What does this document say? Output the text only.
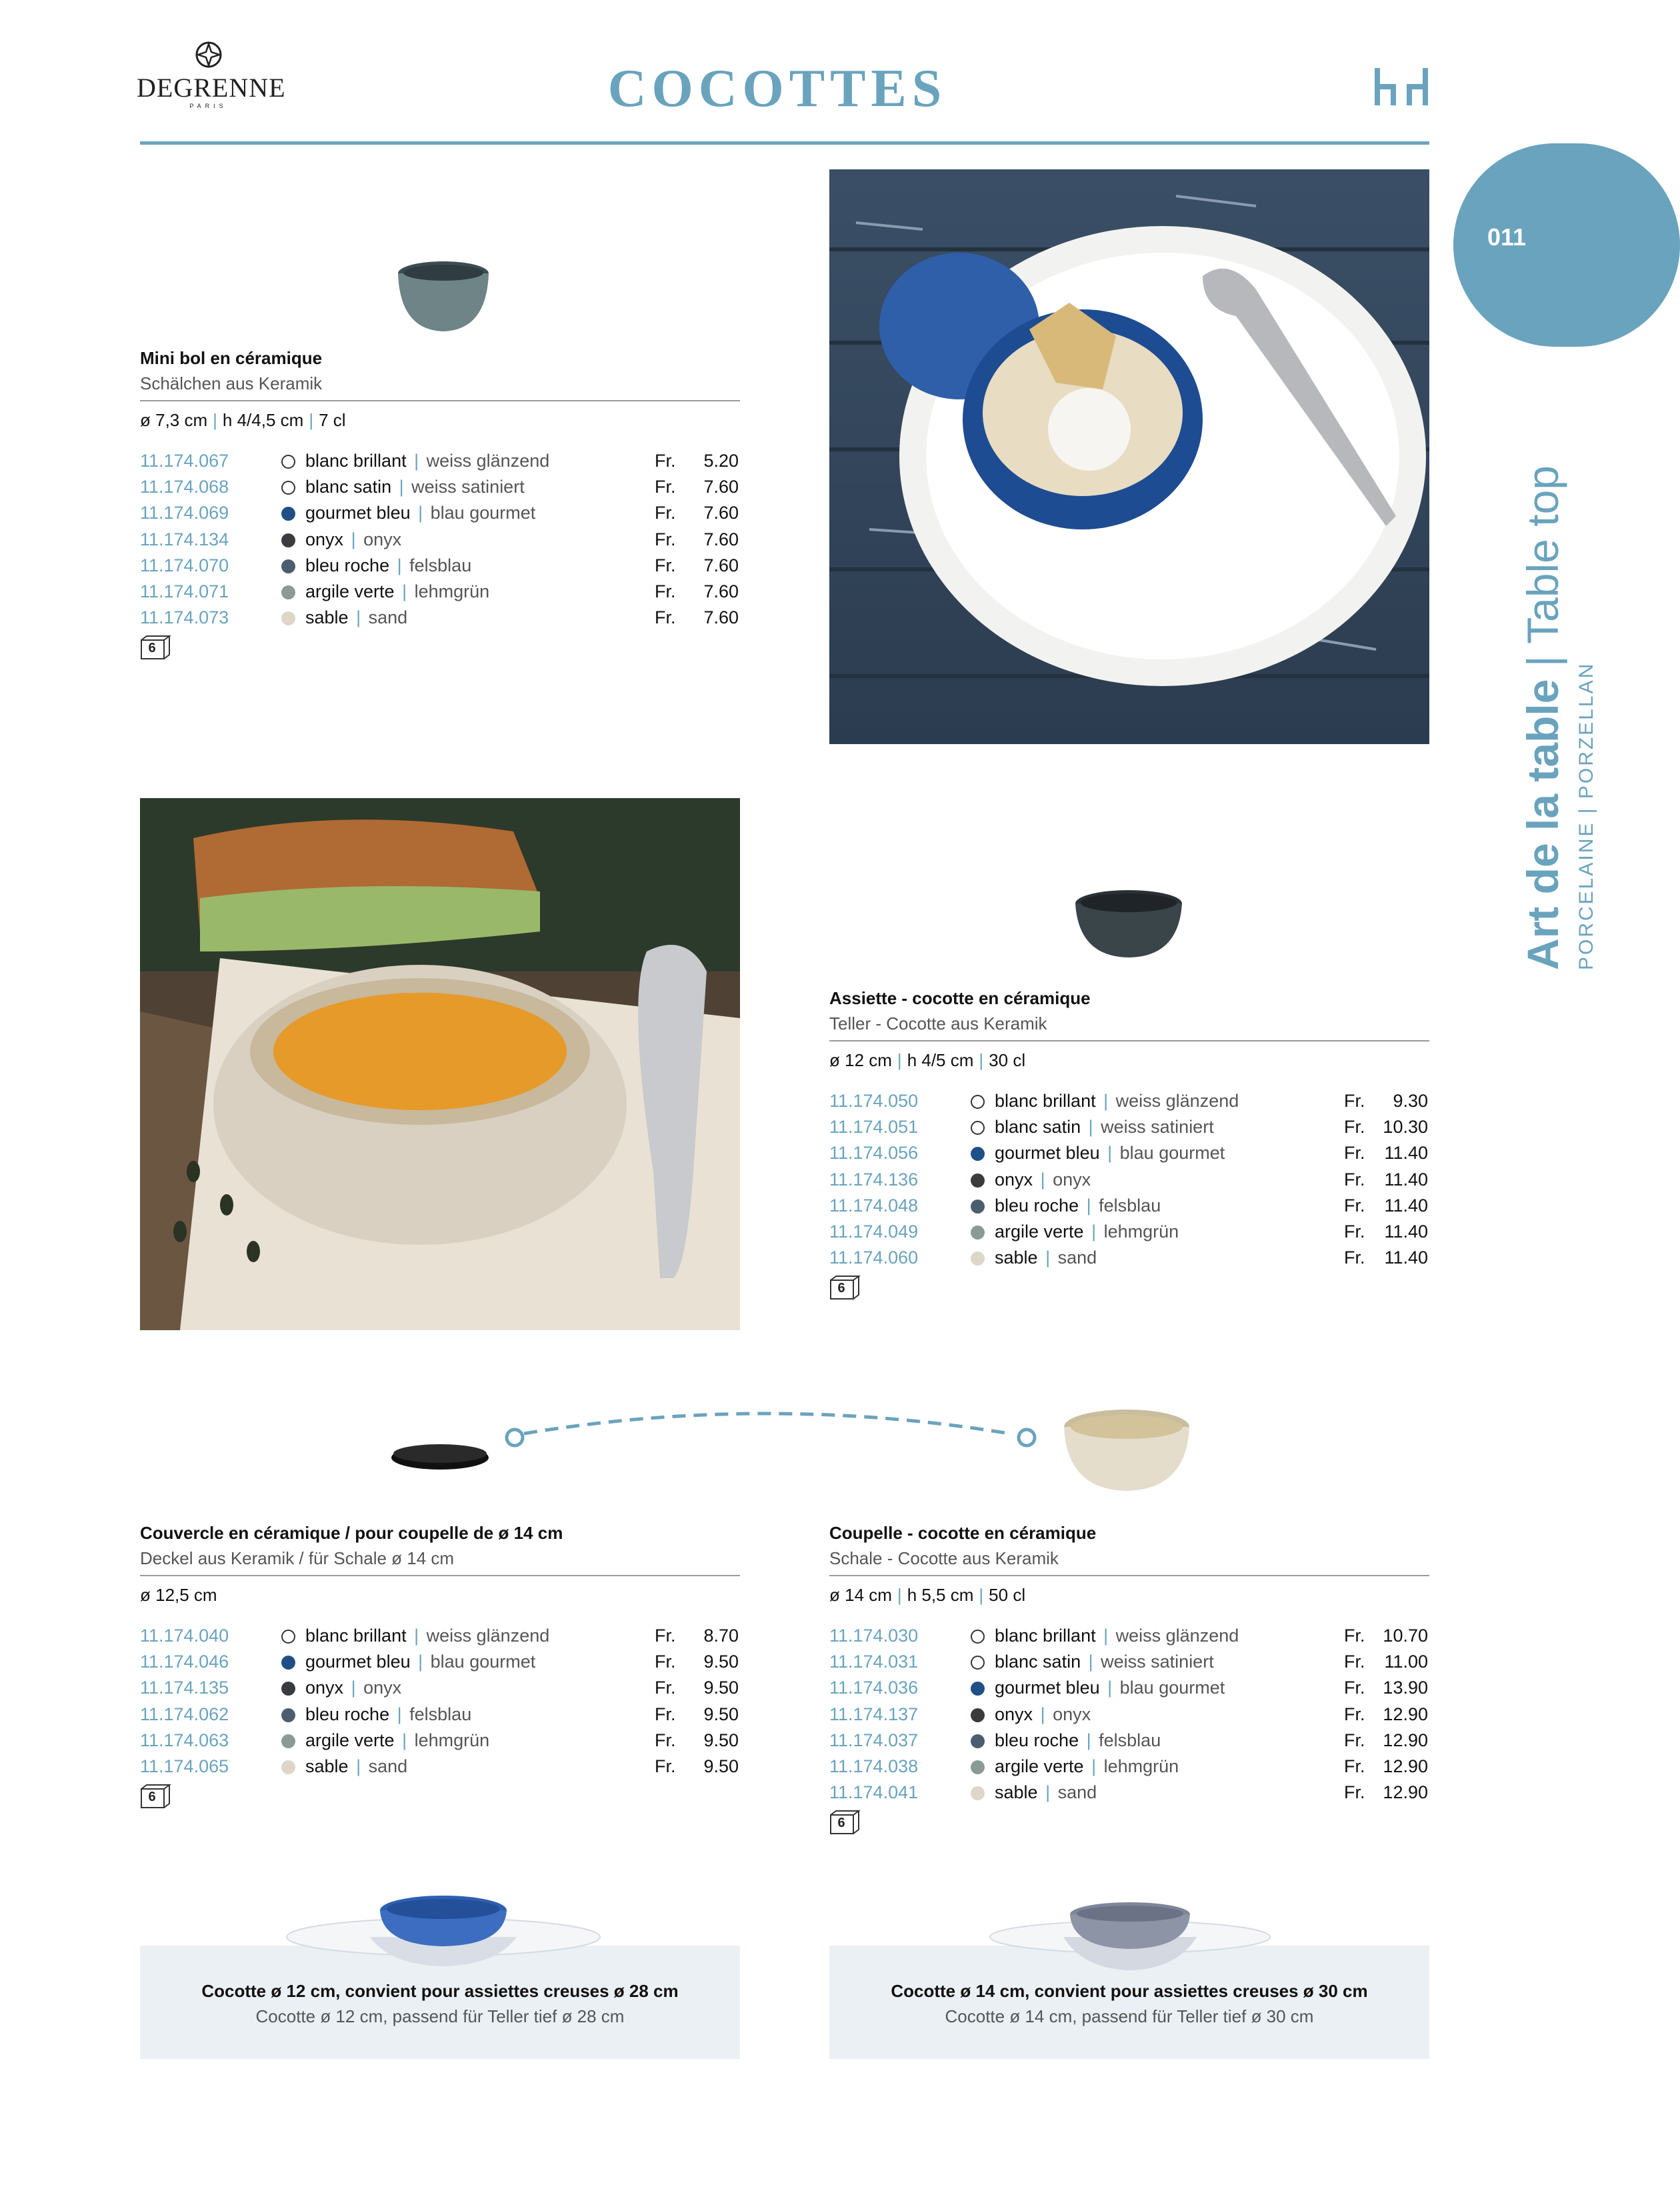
DEGRENNE
PARIS	COCOTTES
011
Art de la table | Table top
PORCELAINE | PORZELLAN
Mini bol en céramique
Schälchen aus Keramik
ø 7,3 cm | h 4/4,5 cm | 7 cl
11.174.067	blanc brillant | weiss glänzend	Fr. 5.20
11.174.068	blanc satin | weiss satiniert	Fr. 7.60
11.174.069	gourmet bleu | blau gourmet	Fr. 7.60
11.174.134	onyx | onyx	Fr. 7.60
11.174.070	bleu roche | felsblau	Fr. 7.60
11.174.071	argile verte | lehmgrün	Fr. 7.60
11.174.073	sable | sand	Fr. 7.60
6
Assiette - cocotte en céramique
Teller - Cocotte aus Keramik
ø 12 cm | h 4/5 cm | 30 cl
11.174.050	blanc brillant | weiss glänzend	Fr. 9.30
11.174.051	blanc satin | weiss satiniert	Fr. 10.30
11.174.056	gourmet bleu | blau gourmet	Fr. 11.40
11.174.136	onyx | onyx	Fr. 11.40
11.174.048	bleu roche | felsblau	Fr. 11.40
11.174.049	argile verte | lehmgrün	Fr. 11.40
11.174.060	sable | sand	Fr. 11.40
6
Couvercle en céramique / pour coupelle de ø 14 cm
Deckel aus Keramik / für Schale ø 14 cm
ø 12,5 cm
11.174.040	blanc brillant | weiss glänzend	Fr. 8.70
11.174.046	gourmet bleu | blau gourmet	Fr. 9.50
11.174.135	onyx | onyx	Fr. 9.50
11.174.062	bleu roche | felsblau	Fr. 9.50
11.174.063	argile verte | lehmgrün	Fr. 9.50
11.174.065	sable | sand	Fr. 9.50
6
Coupelle - cocotte en céramique
Schale - Cocotte aus Keramik
ø 14 cm | h 5,5 cm | 50 cl
11.174.030	blanc brillant | weiss glänzend	Fr. 10.70
11.174.031	blanc satin | weiss satiniert	Fr. 11.00
11.174.036	gourmet bleu | blau gourmet	Fr. 13.90
11.174.137	onyx | onyx	Fr. 12.90
11.174.037	bleu roche | felsblau	Fr. 12.90
11.174.038	argile verte | lehmgrün	Fr. 12.90
11.174.041	sable | sand	Fr. 12.90
6
Cocotte ø 12 cm, convient pour assiettes creuses ø 28 cm
Cocotte ø 12 cm, passend für Teller tief ø 28 cm
Cocotte ø 14 cm, convient pour assiettes creuses ø 30 cm
Cocotte ø 14 cm, passend für Teller tief ø 30 cm
